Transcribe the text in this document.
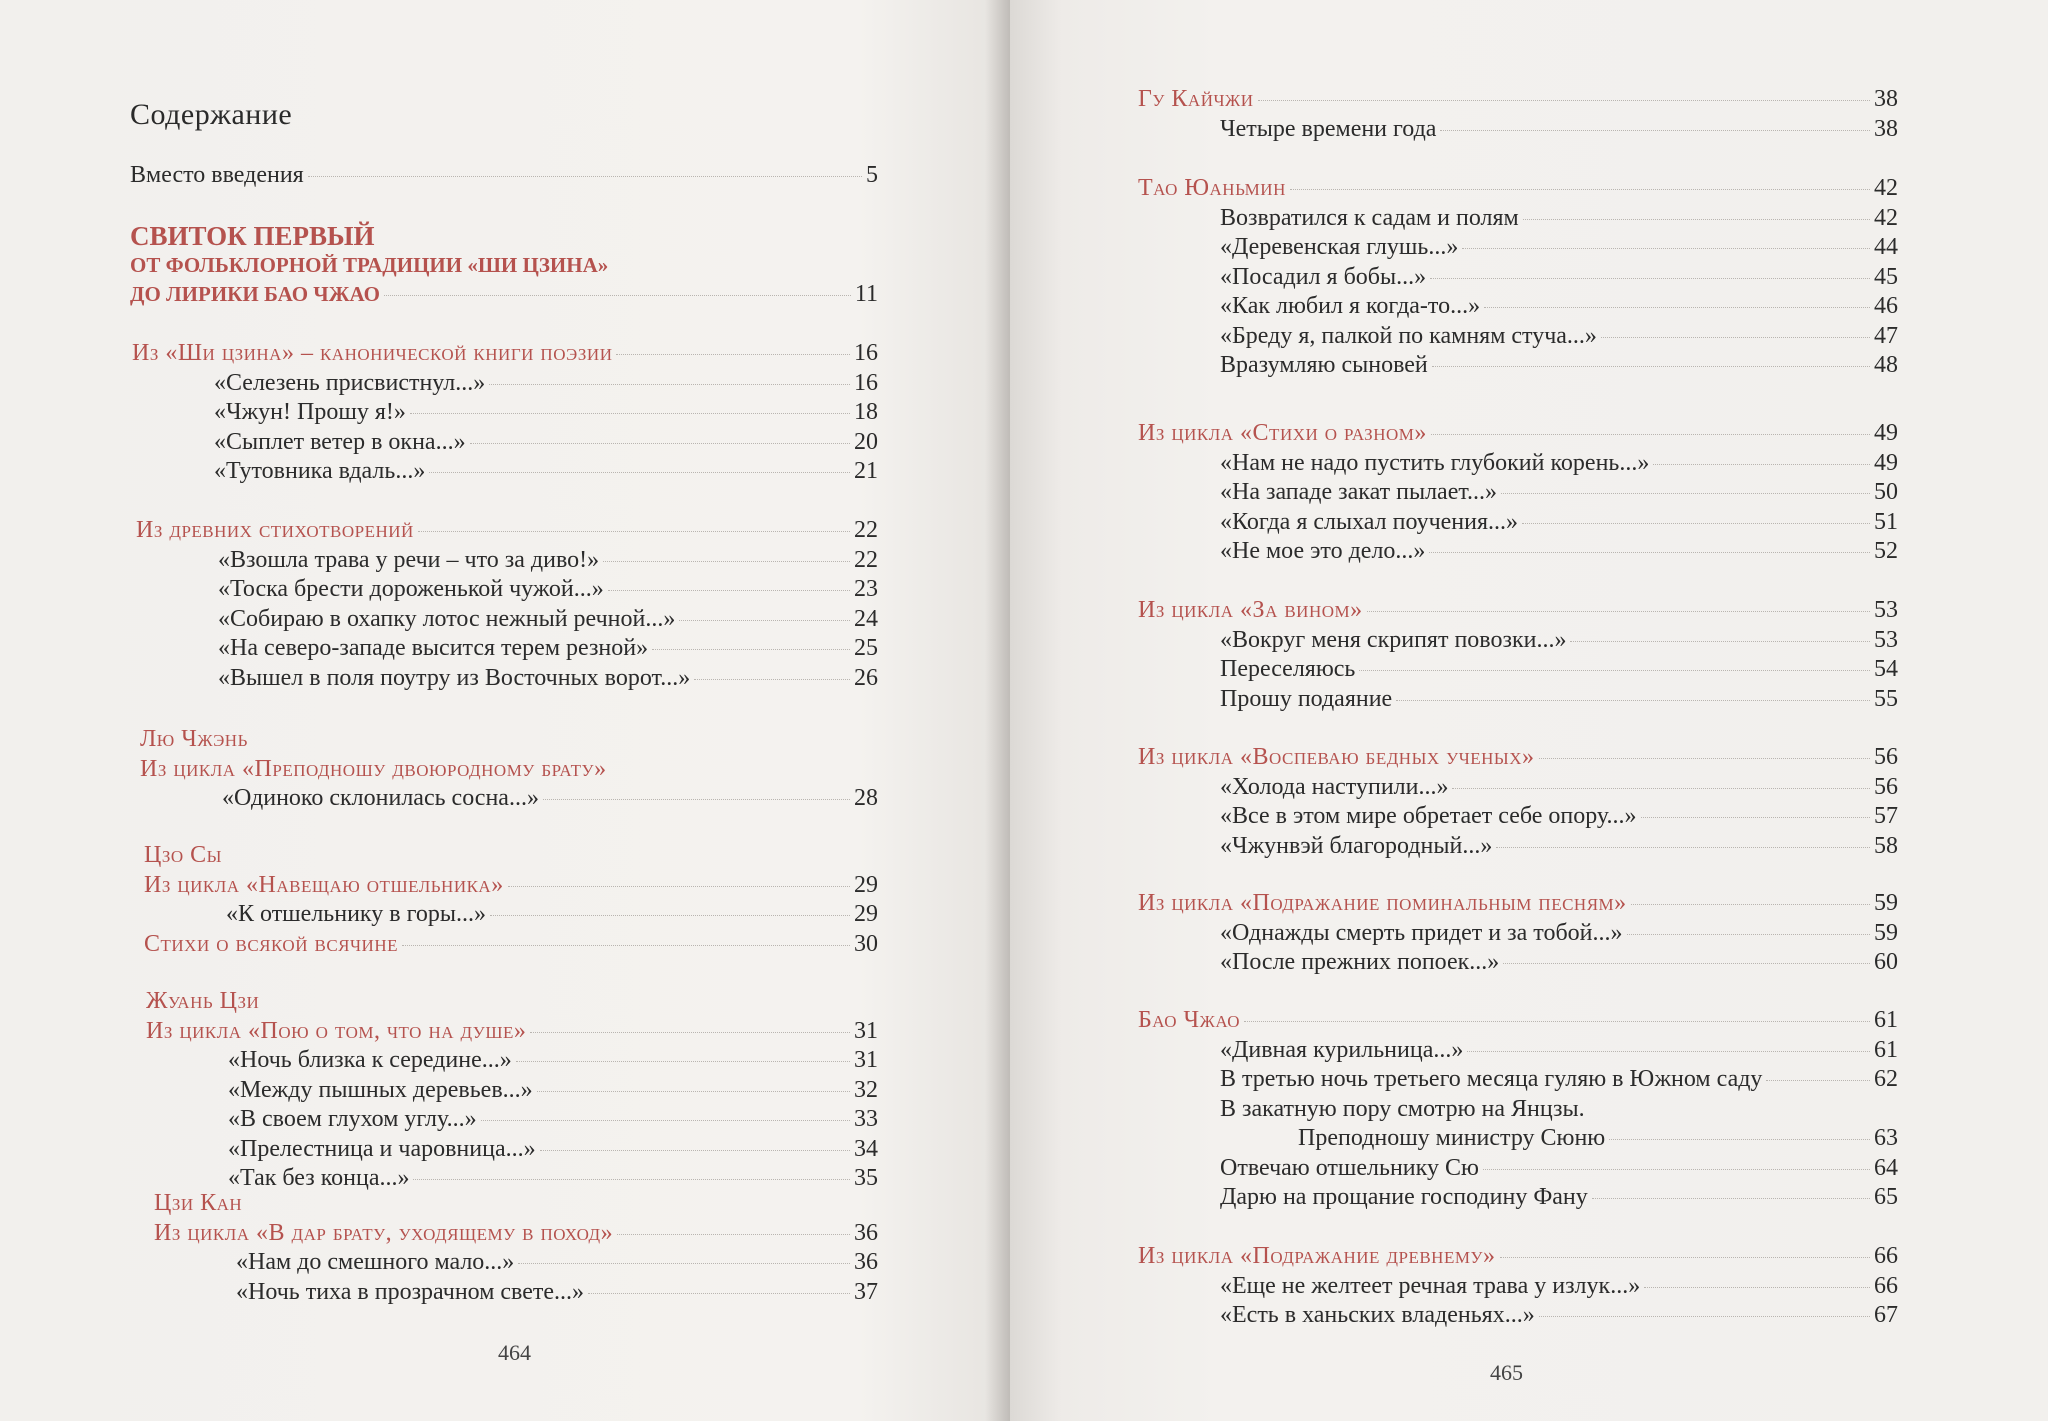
Содержание
Вместо введения	5
СВИТОК ПЕРВЫЙ
ОТ ФОЛЬКЛОРНОЙ ТРАДИЦИИ «ШИ ЦЗИНА»
ДО ЛИРИКИ БАО ЧЖАО	11
Из «Ши цзина» – канонической книги поэзии	16
«Селезень присвистнул...»	16
«Чжун! Прошу я!»	18
«Сыплет ветер в окна...»	20
«Тутовника вдаль...»	21
Из древних стихотворений	22
«Взошла трава у речи – что за диво!»	22
«Тоска брести дороженькой чужой...»	23
«Собираю в охапку лотос нежный речной...»	24
«На северо-западе высится терем резной»	25
«Вышел в поля поутру из Восточных ворот...»	26
Лю Чжэнь
Из цикла «Преподношу двоюродному брату»
«Одиноко склонилась сосна...»	28
Цзо Сы
Из цикла «Навещаю отшельника»	29
«К отшельнику в горы...»	29
Стихи о всякой всячине	30
Жуань Цзи
Из цикла «Пою о том, что на душе»	31
«Ночь близка к середине...»	31
«Между пышных деревьев...»	32
«В своем глухом углу...»	33
«Прелестница и чаровница...»	34
«Так без конца...»	35
Цзи Кан
Из цикла «В дар брату, уходящему в поход»	36
«Нам до смешного мало...»	36
«Ночь тиха в прозрачном свете...»	37
464
Гу Кайчжи	38
Четыре времени года	38
Тао Юаньмин	42
Возвратился к садам и полям	42
«Деревенская глушь...»	44
«Посадил я бобы...»	45
«Как любил я когда-то...»	46
«Бреду я, палкой по камням стуча...»	47
Вразумляю сыновей	48
Из цикла «Стихи о разном»	49
«Нам не надо пустить глубокий корень...»	49
«На западе закат пылает...»	50
«Когда я слыхал поучения...»	51
«Не мое это дело...»	52
Из цикла «За вином»	53
«Вокруг меня скрипят повозки...»	53
Переселяюсь	54
Прошу подаяние	55
Из цикла «Воспеваю бедных ученых»	56
«Холода наступили...»	56
«Все в этом мире обретает себе опору...»	57
«Чжунвэй благородный...»	58
Из цикла «Подражание поминальным песням»	59
«Однажды смерть придет и за тобой...»	59
«После прежних попоек...»	60
Бао Чжао	61
«Дивная курильница...»	61
В третью ночь третьего месяца гуляю в Южном саду	62
В закатную пору смотрю на Янцзы.
Преподношу министру Сюню	63
Отвечаю отшельнику Сю	64
Дарю на прощание господину Фану	65
Из цикла «Подражание древнему»	66
«Еще не желтеет речная трава у излук...»	66
«Есть в ханьских владеньях...»	67
465
